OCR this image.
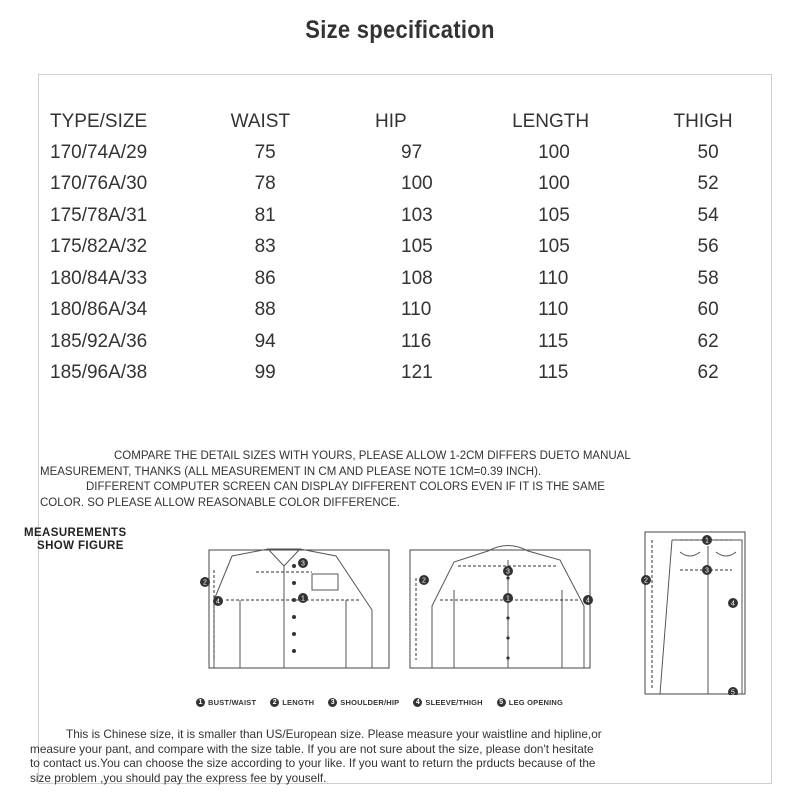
Size specification
TYPE/SIZE	WAIST	HIP	LENGTH	THIGH
170/74A/29	75	97	100	50
170/76A/30	78	100	100	52
175/78A/31	81	103	105	54
175/82A/32	83	105	105	56
180/84A/33	86	108	110	58
180/86A/34	88	110	110	60
185/92A/36	94	116	115	62
185/96A/38	99	121	115	62

COMPARE THE DETAIL SIZES WITH YOURS, PLEASE ALLOW 1-2CM DIFFERS DUETO MANUAL

MEASUREMENT, THANKS (ALL MEASUREMENT IN CM AND PLEASE NOTE 1CM=0.39 INCH).

DIFFERENT COMPUTER SCREEN CAN DISPLAY DIFFERENT COLORS EVEN IF IT IS THE SAME

COLOR. SO PLEASE ALLOW REASONABLE COLOR DIFFERENCE.

MEASUREMENTS
SHOW FIGURE
2
4
3
1
2
3
1	4
1
2
3
4
5
1 BUST/WAIST	2 LENGTH	3 SHOULDER/HIP	4 SLEEVE/THIGH	5 LEG OPENING

This is Chinese size, it is smaller than US/European size. Please measure your waistline and hipline,or

measure your pant, and compare with the size table. If you are not sure about the size, please don't hesitate

to contact us.You can choose the size according to your like. If you want to return the prducts because of the

size problem ,you should pay the express fee by youself.
